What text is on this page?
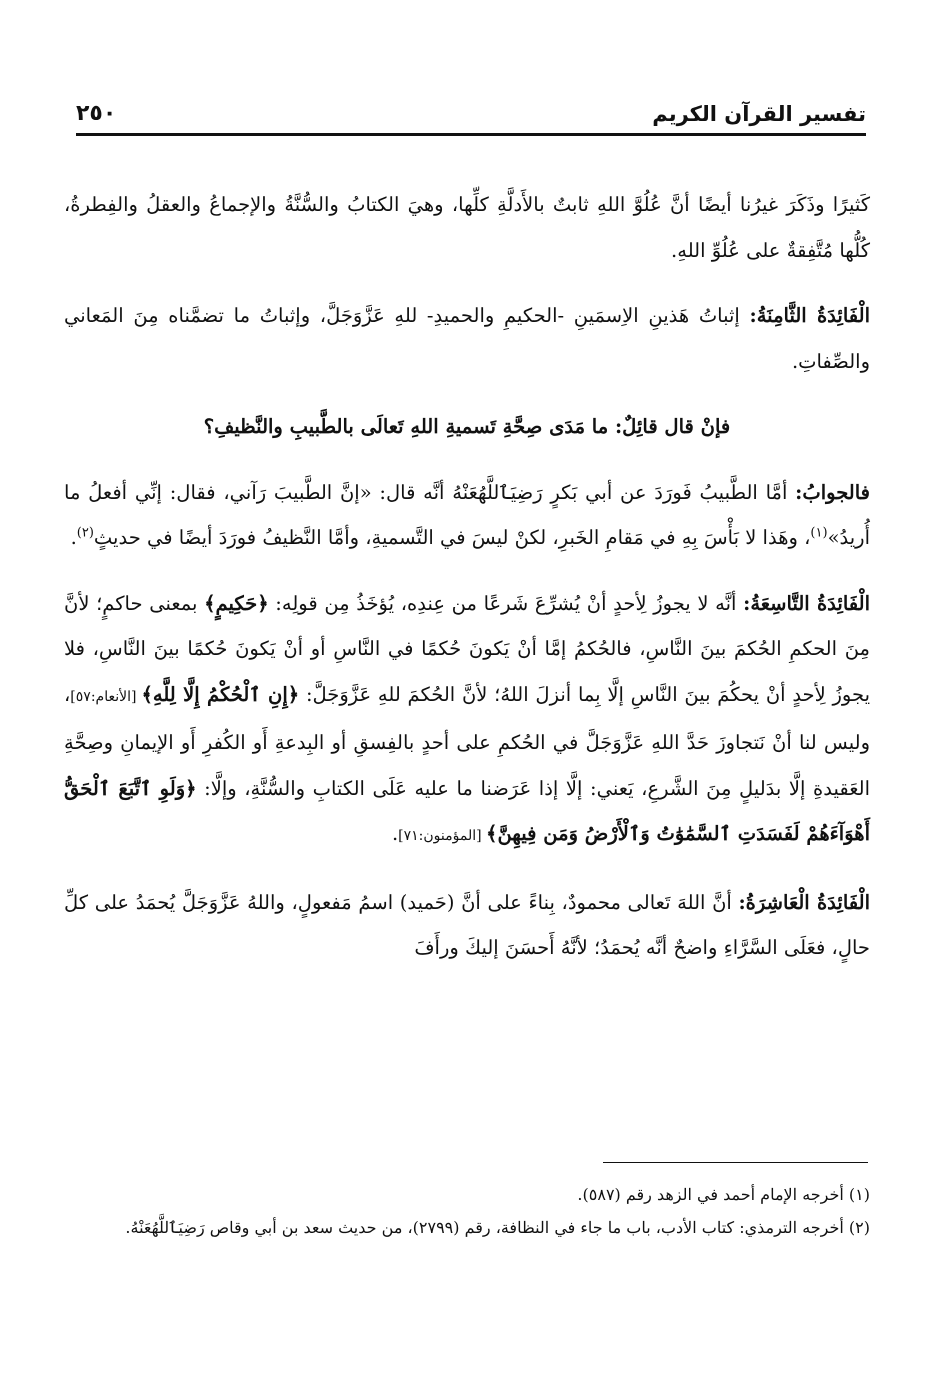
تفسير القرآن الكريم
٢٥٠

كَثيرًا وذَكَرَ غيرُنا أيضًا أنَّ عُلُوَّ اللهِ ثابتٌ بالأَدلَّةِ كلِّها، وهيَ الكتابُ والسُّنَّةُ والإجماعُ والعقلُ والفِطرةُ، كُلُّها مُتَّفِقةٌ على عُلُوِّ اللهِ.

الْفَائِدَةُ الثَّامِنَةُ: إثباتُ هَذينِ الاِسمَينِ -الحكيمِ والحميدِ- للهِ عَزَّوَجَلَّ، وإثباتُ ما تضمَّناه مِنَ المَعاني والصِّفاتِ.

فإنْ قال قائِلٌ: ما مَدَى صِحَّةِ تَسميةِ اللهِ تَعالَى بالطَّبيبِ والنَّظيفِ؟

فالجوابُ: أمَّا الطَّبيبُ فَورَدَ عن أبي بَكرٍ رَضِيَٱللَّهُعَنْهُ أنَّه قال: «إنَّ الطَّبيبَ رَآني، فقال: إنِّي أفعلُ ما أُريدُ»$^{(١)}$، وهَذا لا بَأْسَ بِهِ في مَقامِ الخَبرِ، لكنْ ليسَ في التَّسميةِ، وأمَّا النَّظيفُ فورَدَ أيضًا في حديثٍ$^{(٢)}$.

الْفَائِدَةُ التَّاسِعَةُ: أنَّه لا يجوزُ لِأحدٍ أنْ يُشرِّعَ شَرعًا من عِندِه، يُؤخَذُ مِن قولِه: ﴿حَكِيمٍ﴾ بمعنى حاكمٍ؛ لأنَّ مِنَ الحكمِ الحُكمَ بينَ النَّاسِ، فالحُكمُ إمَّا أنْ يَكونَ حُكمًا في النَّاسِ أو أنْ يَكونَ حُكمًا بينَ النَّاسِ، فلا يجوزُ لِأحدٍ أنْ يحكُمَ بينَ النَّاسِ إلَّا بِما أنزلَ اللهُ؛ لأنَّ الحُكمَ للهِ عَزَّوَجَلَّ: ﴿إِنِ ٱلْحُكْمُ إِلَّا لِلَّهِ﴾ [الأنعام:٥٧]، وليس لنا أنْ نَتجاوزَ حَدَّ اللهِ عَزَّوَجَلَّ في الحُكمِ على أحدٍ بالفِسقِ أو البِدعةِ أَو الكُفرِ أَو الإيمانِ وصِحَّةِ العَقيدةِ إلَّا بدَليلٍ مِنَ الشَّرعِ، يَعني: إلَّا إذا عَرَضنا ما عليه عَلَى الكتابِ والسُّنَّةِ، وإلَّا: ﴿وَلَوِ ٱتَّبَعَ ٱلْحَقُّ أَهْوَآءَهُمْ لَفَسَدَتِ ٱلسَّمَٰوَٰتُ وَٱلْأَرْضُ وَمَن فِيهِنَّ﴾ [المؤمنون:٧١].

الْفَائِدَةُ الْعَاشِرَةُ: أنَّ اللهَ تَعالى محمودٌ، بِناءً على أنَّ (حَميد) اسمُ مَفعولٍ، واللهُ عَزَّوَجَلَّ يُحمَدُ على كلِّ حالٍ، فعَلَى السَّرَّاءِ واضحٌ أنَّه يُحمَدُ؛ لأنَّهُ أَحسَنَ إليكَ ورأَفَ

(١) أخرجه الإمام أحمد في الزهد رقم (٥٨٧).

(٢) أخرجه الترمذي: كتاب الأدب، باب ما جاء في النظافة، رقم (٢٧٩٩)، من حديث سعد بن أبي وقاص رَضِيَٱللَّهُعَنْهُ.
